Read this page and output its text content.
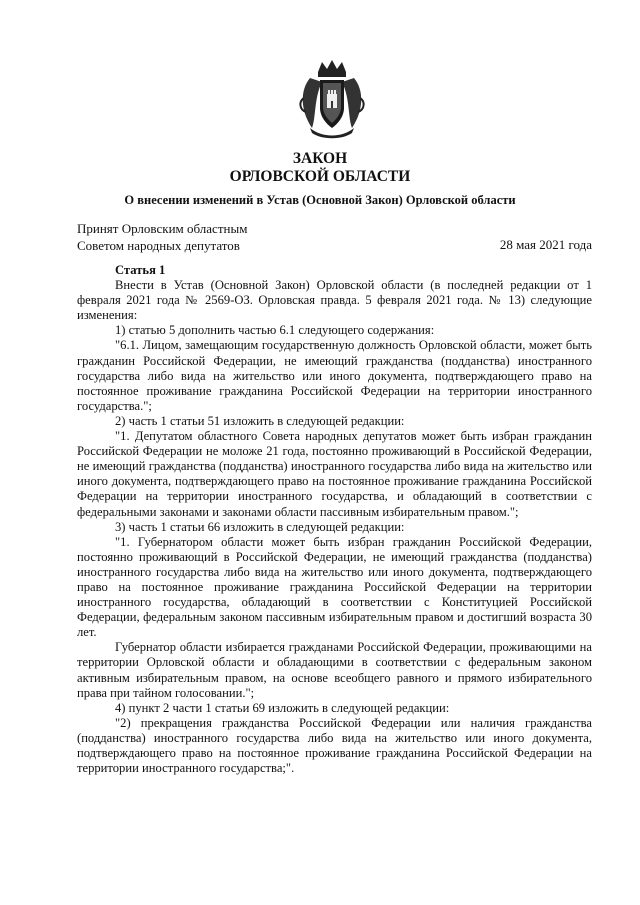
ЗАКОН
ОРЛОВСКОЙ ОБЛАСТИ
О внесении изменений в Устав (Основной Закон) Орловской области
Принят Орловским областным
Советом народных депутатов	28 мая 2021 года
Статья 1

Внести в Устав (Основной Закон) Орловской области (в последней редакции от 1 февраля 2021 года № 2569-ОЗ. Орловская правда. 5 февраля 2021 года. № 13) следующие изменения:

1) статью 5 дополнить частью 6.1 следующего содержания:

"6.1. Лицом, замещающим государственную должность Орловской области, может быть гражданин Российской Федерации, не имеющий гражданства (подданства) иностранного государства либо вида на жительство или иного документа, подтверждающего право на постоянное проживание гражданина Российской Федерации на территории иностранного государства.";

2) часть 1 статьи 51 изложить в следующей редакции:

"1. Депутатом областного Совета народных депутатов может быть избран гражданин Российской Федерации не моложе 21 года, постоянно проживающий в Российской Федерации, не имеющий гражданства (подданства) иностранного государства либо вида на жительство или иного документа, подтверждающего право на постоянное проживание гражданина Российской Федерации на территории иностранного государства, и обладающий в соответствии с федеральными законами и законами области пассивным избирательным правом.";

3) часть 1 статьи 66 изложить в следующей редакции:

"1. Губернатором области может быть избран гражданин Российской Федерации, постоянно проживающий в Российской Федерации, не имеющий гражданства (подданства) иностранного государства либо вида на жительство или иного документа, подтверждающего право на постоянное проживание гражданина Российской Федерации на территории иностранного государства, обладающий в соответствии с Конституцией Российской Федерации, федеральным законом пассивным избирательным правом и достигший возраста 30 лет.

Губернатор области избирается гражданами Российской Федерации, проживающими на территории Орловской области и обладающими в соответствии с федеральным законом активным избирательным правом, на основе всеобщего равного и прямого избирательного права при тайном голосовании.";

4) пункт 2 части 1 статьи 69 изложить в следующей редакции:

"2) прекращения гражданства Российской Федерации или наличия гражданства (подданства) иностранного государства либо вида на жительство или иного документа, подтверждающего право на постоянное проживание гражданина Российской Федерации на территории иностранного государства;".
